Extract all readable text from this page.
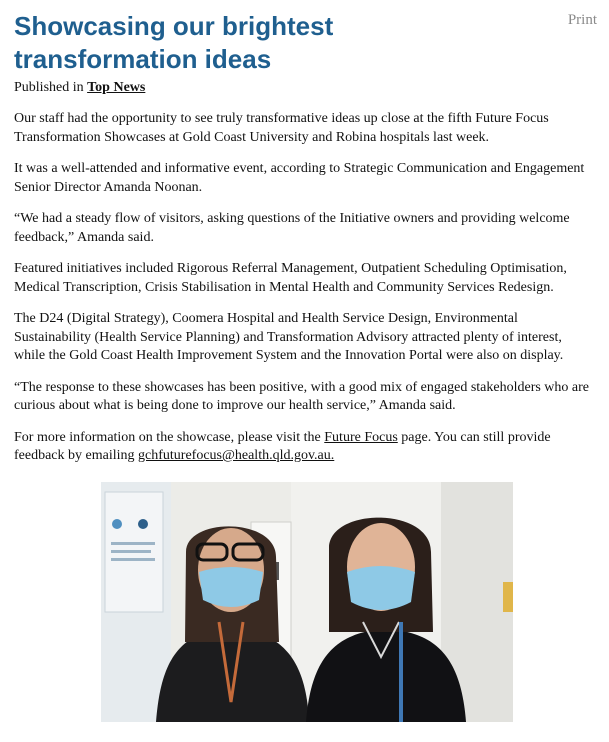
Print
Showcasing our brightest transformation ideas

Published in Top News

Our staff had the opportunity to see truly transformative ideas up close at the fifth Future Focus Transformation Showcases at Gold Coast University and Robina hospitals last week.

It was a well-attended and informative event, according to Strategic Communication and Engagement Senior Director Amanda Noonan.

“We had a steady flow of visitors, asking questions of the Initiative owners and providing welcome feedback,” Amanda said.

Featured initiatives included Rigorous Referral Management, Outpatient Scheduling Optimisation, Medical Transcription, Crisis Stabilisation in Mental Health and Community Services Redesign.

The D24 (Digital Strategy), Coomera Hospital and Health Service Design, Environmental Sustainability (Health Service Planning) and Transformation Advisory attracted plenty of interest, while the Gold Coast Health Improvement System and the Innovation Portal were also on display.

“The response to these showcases has been positive, with a good mix of engaged stakeholders who are curious about what is being done to improve our health service,” Amanda said.

For more information on the showcase, please visit the Future Focus page. You can still provide feedback by emailing gchfuturefocus@health.qld.gov.au.
